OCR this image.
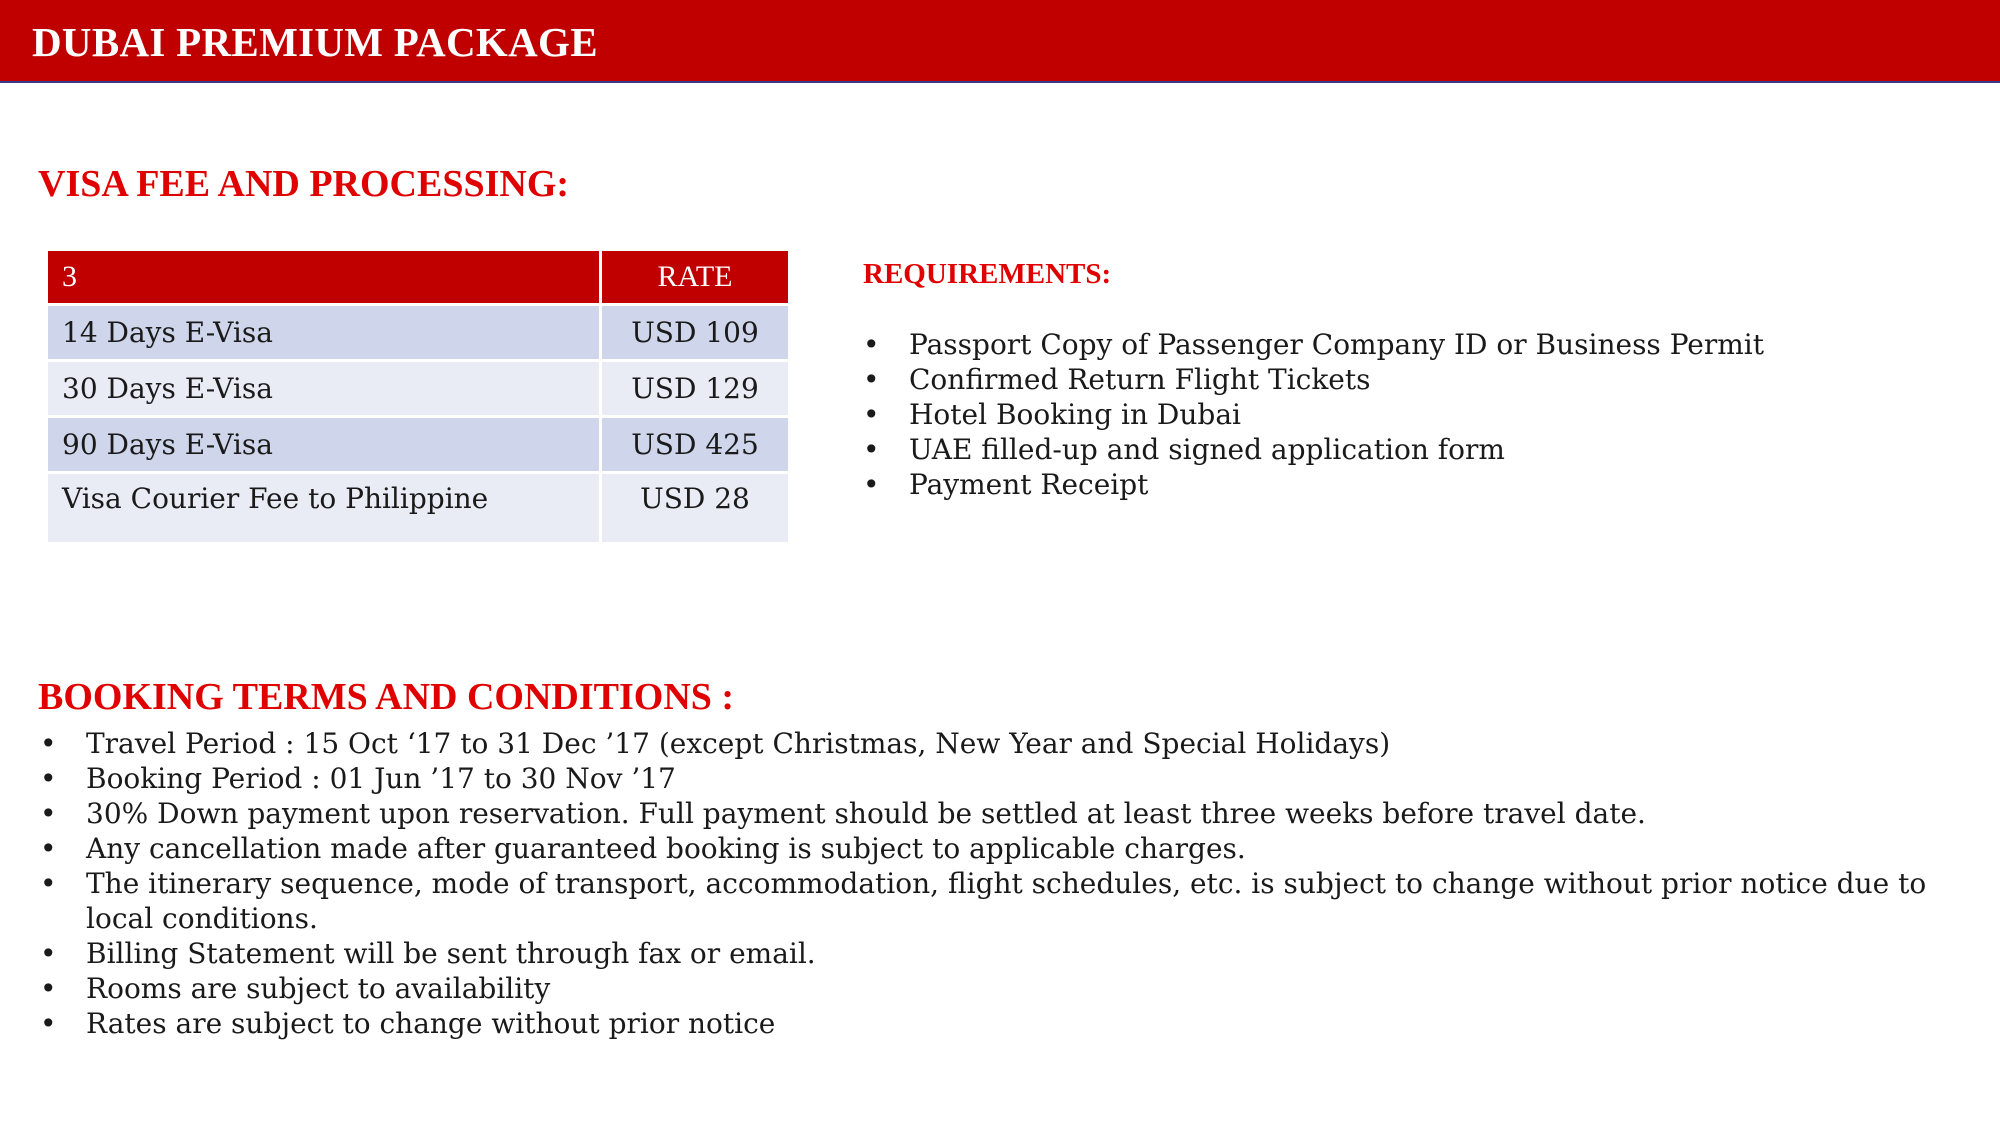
DUBAI PREMIUM PACKAGE
VISA FEE AND PROCESSING:
3	RATE
14 Days E-Visa	USD 109
30 Days E-Visa	USD 129
90 Days E-Visa	USD 425
Visa Courier Fee to Philippine	USD 28
REQUIREMENTS:
• Passport Copy of Passenger Company ID or Business Permit
• Confirmed Return Flight Tickets
• Hotel Booking in Dubai
• UAE filled-up and signed application form
• Payment Receipt
BOOKING TERMS AND CONDITIONS :
• Travel Period : 15 Oct ‘17 to 31 Dec ’17 (except Christmas, New Year and Special Holidays)
• Booking Period : 01 Jun ’17 to 30 Nov ’17
• 30% Down payment upon reservation. Full payment should be settled at least three weeks before travel date.
• Any cancellation made after guaranteed booking is subject to applicable charges.
• The itinerary sequence, mode of transport, accommodation, flight schedules, etc. is subject to change without prior notice due to local conditions.
• Billing Statement will be sent through fax or email.
• Rooms are subject to availability
• Rates are subject to change without prior notice
